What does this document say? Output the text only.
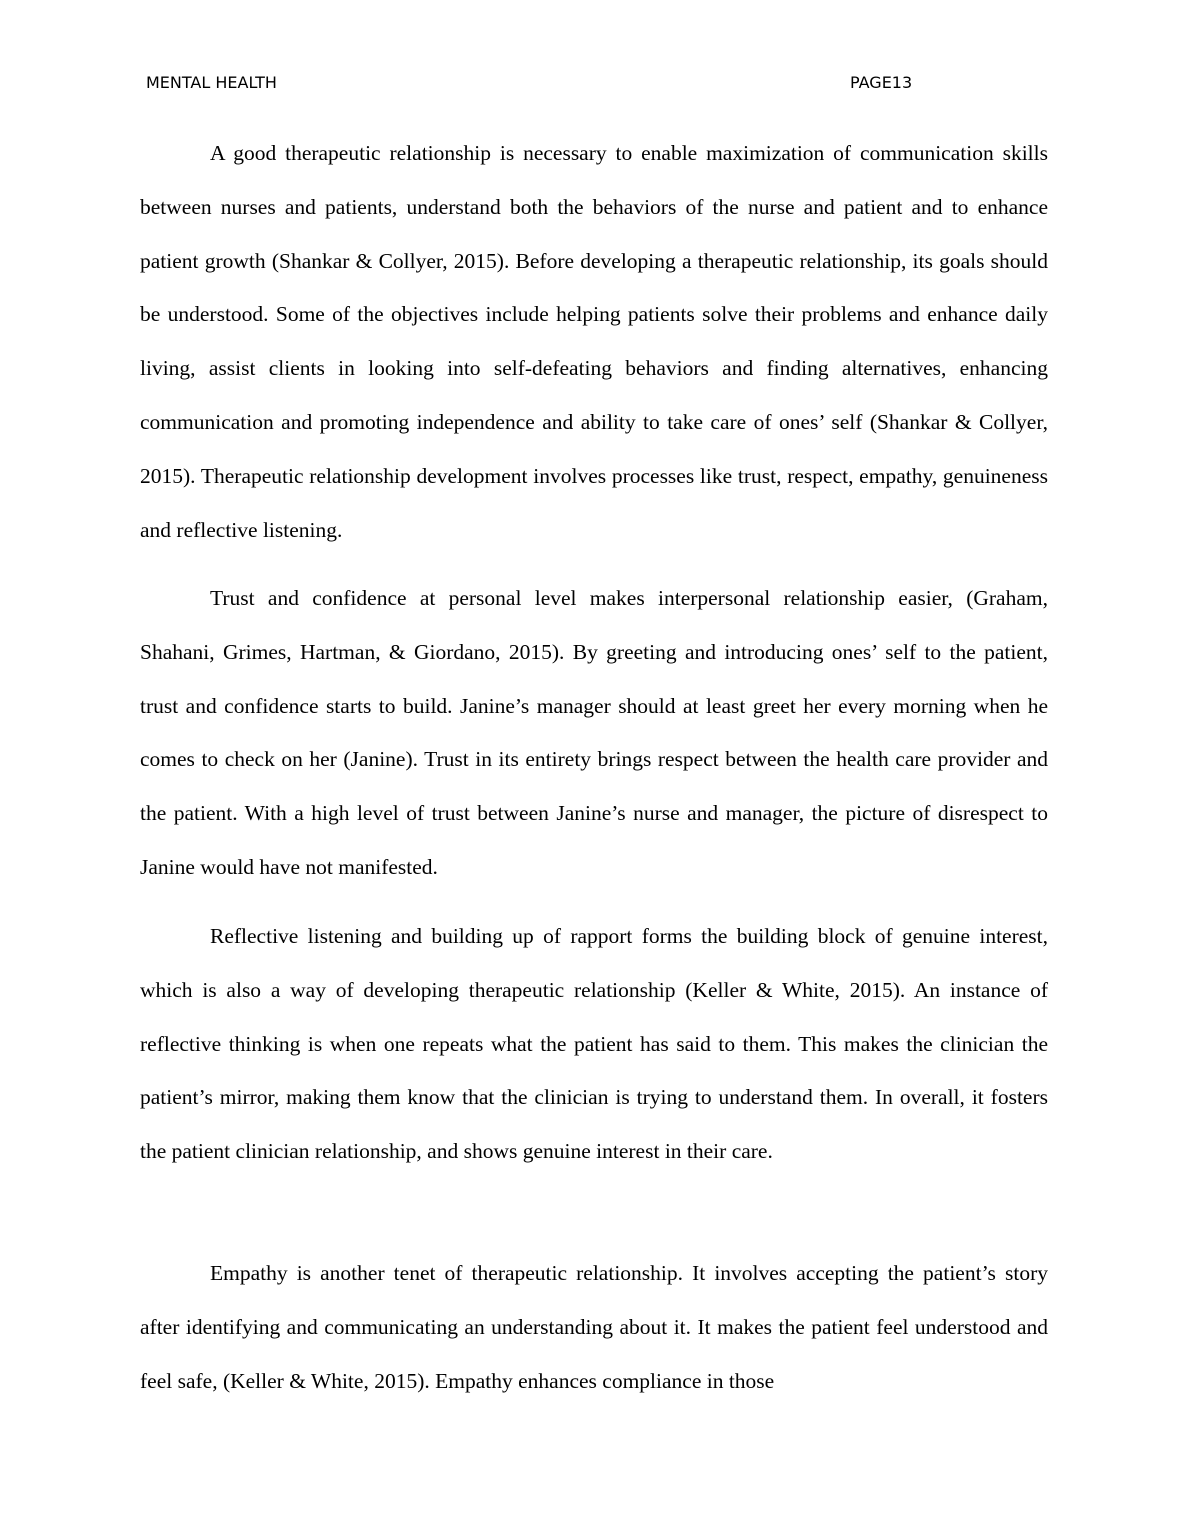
MENTAL HEALTH	PAGE13

A good therapeutic relationship is necessary to enable maximization of communication skills between nurses and patients, understand both the behaviors of the nurse and patient and to enhance patient growth (Shankar & Collyer, 2015). Before developing a therapeutic relationship, its goals should be understood. Some of the objectives include helping patients solve their problems and enhance daily living, assist clients in looking into self-defeating behaviors and finding alternatives, enhancing communication and promoting independence and ability to take care of ones’ self (Shankar & Collyer, 2015). Therapeutic relationship development involves processes like trust, respect, empathy, genuineness and reflective listening.

Trust and confidence at personal level makes interpersonal relationship easier, (Graham, Shahani, Grimes, Hartman, & Giordano, 2015). By greeting and introducing ones’ self to the patient, trust and confidence starts to build. Janine’s manager should at least greet her every morning when he comes to check on her (Janine). Trust in its entirety brings respect between the health care provider and the patient. With a high level of trust between Janine’s nurse and manager, the picture of disrespect to Janine would have not manifested.

Reflective listening and building up of rapport forms the building block of genuine interest, which is also a way of developing therapeutic relationship (Keller & White, 2015). An instance of reflective thinking is when one repeats what the patient has said to them. This makes the clinician the patient’s mirror, making them know that the clinician is trying to understand them. In overall, it fosters the patient clinician relationship, and shows genuine interest in their care.

Empathy is another tenet of therapeutic relationship. It involves accepting the patient’s story after identifying and communicating an understanding about it. It makes the patient feel understood and feel safe, (Keller & White, 2015). Empathy enhances compliance in those
